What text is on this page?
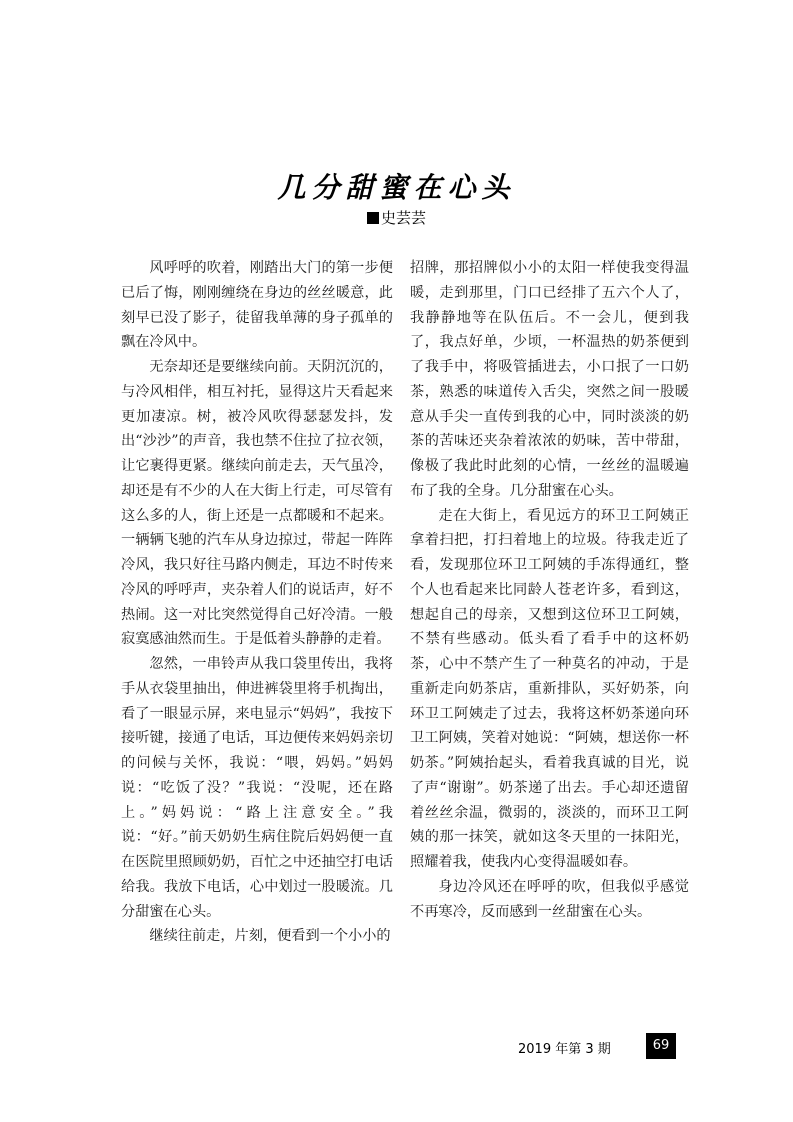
几分甜蜜在心头
史芸芸

风呼呼的吹着，刚踏出大门的第一步便已后了悔，刚刚缠绕在身边的丝丝暖意，此刻早已没了影子，徒留我单薄的身子孤单的飘在冷风中。

无奈却还是要继续向前。天阴沉沉的，与冷风相伴，相互衬托，显得这片天看起来更加凄凉。树，被冷风吹得瑟瑟发抖，发出“沙沙”的声音，我也禁不住拉了拉衣领，让它裹得更紧。继续向前走去，天气虽冷，却还是有不少的人在大街上行走，可尽管有这么多的人，街上还是一点都暖和不起来。一辆辆飞驰的汽车从身边掠过，带起一阵阵冷风，我只好往马路内侧走，耳边不时传来冷风的呼呼声，夹杂着人们的说话声，好不热闹。这一对比突然觉得自己好冷清。一般寂寞感油然而生。于是低着头静静的走着。

忽然，一串铃声从我口袋里传出，我将手从衣袋里抽出，伸进裤袋里将手机掏出，看了一眼显示屏，来电显示“妈妈”，我按下接听键，接通了电话，耳边便传来妈妈亲切的问候与关怀，我说：“喂，妈妈。”妈妈说：“吃饭了没？”我说：“没呢，还在路上。”妈妈说：“路上注意安全。”我说：“好。”前天奶奶生病住院后妈妈便一直在医院里照顾奶奶，百忙之中还抽空打电话给我。我放下电话，心中划过一股暖流。几分甜蜜在心头。

继续往前走，片刻，便看到一个小小的

招牌，那招牌似小小的太阳一样使我变得温暖，走到那里，门口已经排了五六个人了，我静静地等在队伍后。不一会儿，便到我了，我点好单，少顷，一杯温热的奶茶便到了我手中，将吸管插进去，小口抿了一口奶茶，熟悉的味道传入舌尖，突然之间一股暖意从手尖一直传到我的心中，同时淡淡的奶茶的苦味还夹杂着浓浓的奶味，苦中带甜，像极了我此时此刻的心情，一丝丝的温暖遍布了我的全身。几分甜蜜在心头。

走在大街上，看见远方的环卫工阿姨正拿着扫把，打扫着地上的垃圾。待我走近了看，发现那位环卫工阿姨的手冻得通红，整个人也看起来比同龄人苍老许多，看到这，想起自己的母亲，又想到这位环卫工阿姨，不禁有些感动。低头看了看手中的这杯奶茶，心中不禁产生了一种莫名的冲动，于是重新走向奶茶店，重新排队，买好奶茶，向环卫工阿姨走了过去，我将这杯奶茶递向环卫工阿姨，笑着对她说：“阿姨，想送你一杯奶茶。”阿姨抬起头，看着我真诚的目光，说了声“谢谢”。奶茶递了出去。手心却还遗留着丝丝余温，微弱的，淡淡的，而环卫工阿姨的那一抹笑，就如这冬天里的一抹阳光，照耀着我，使我内心变得温暖如春。

身边冷风还在呼呼的吹，但我似乎感觉不再寒冷，反而感到一丝甜蜜在心头。

2019 年第 3 期	69
